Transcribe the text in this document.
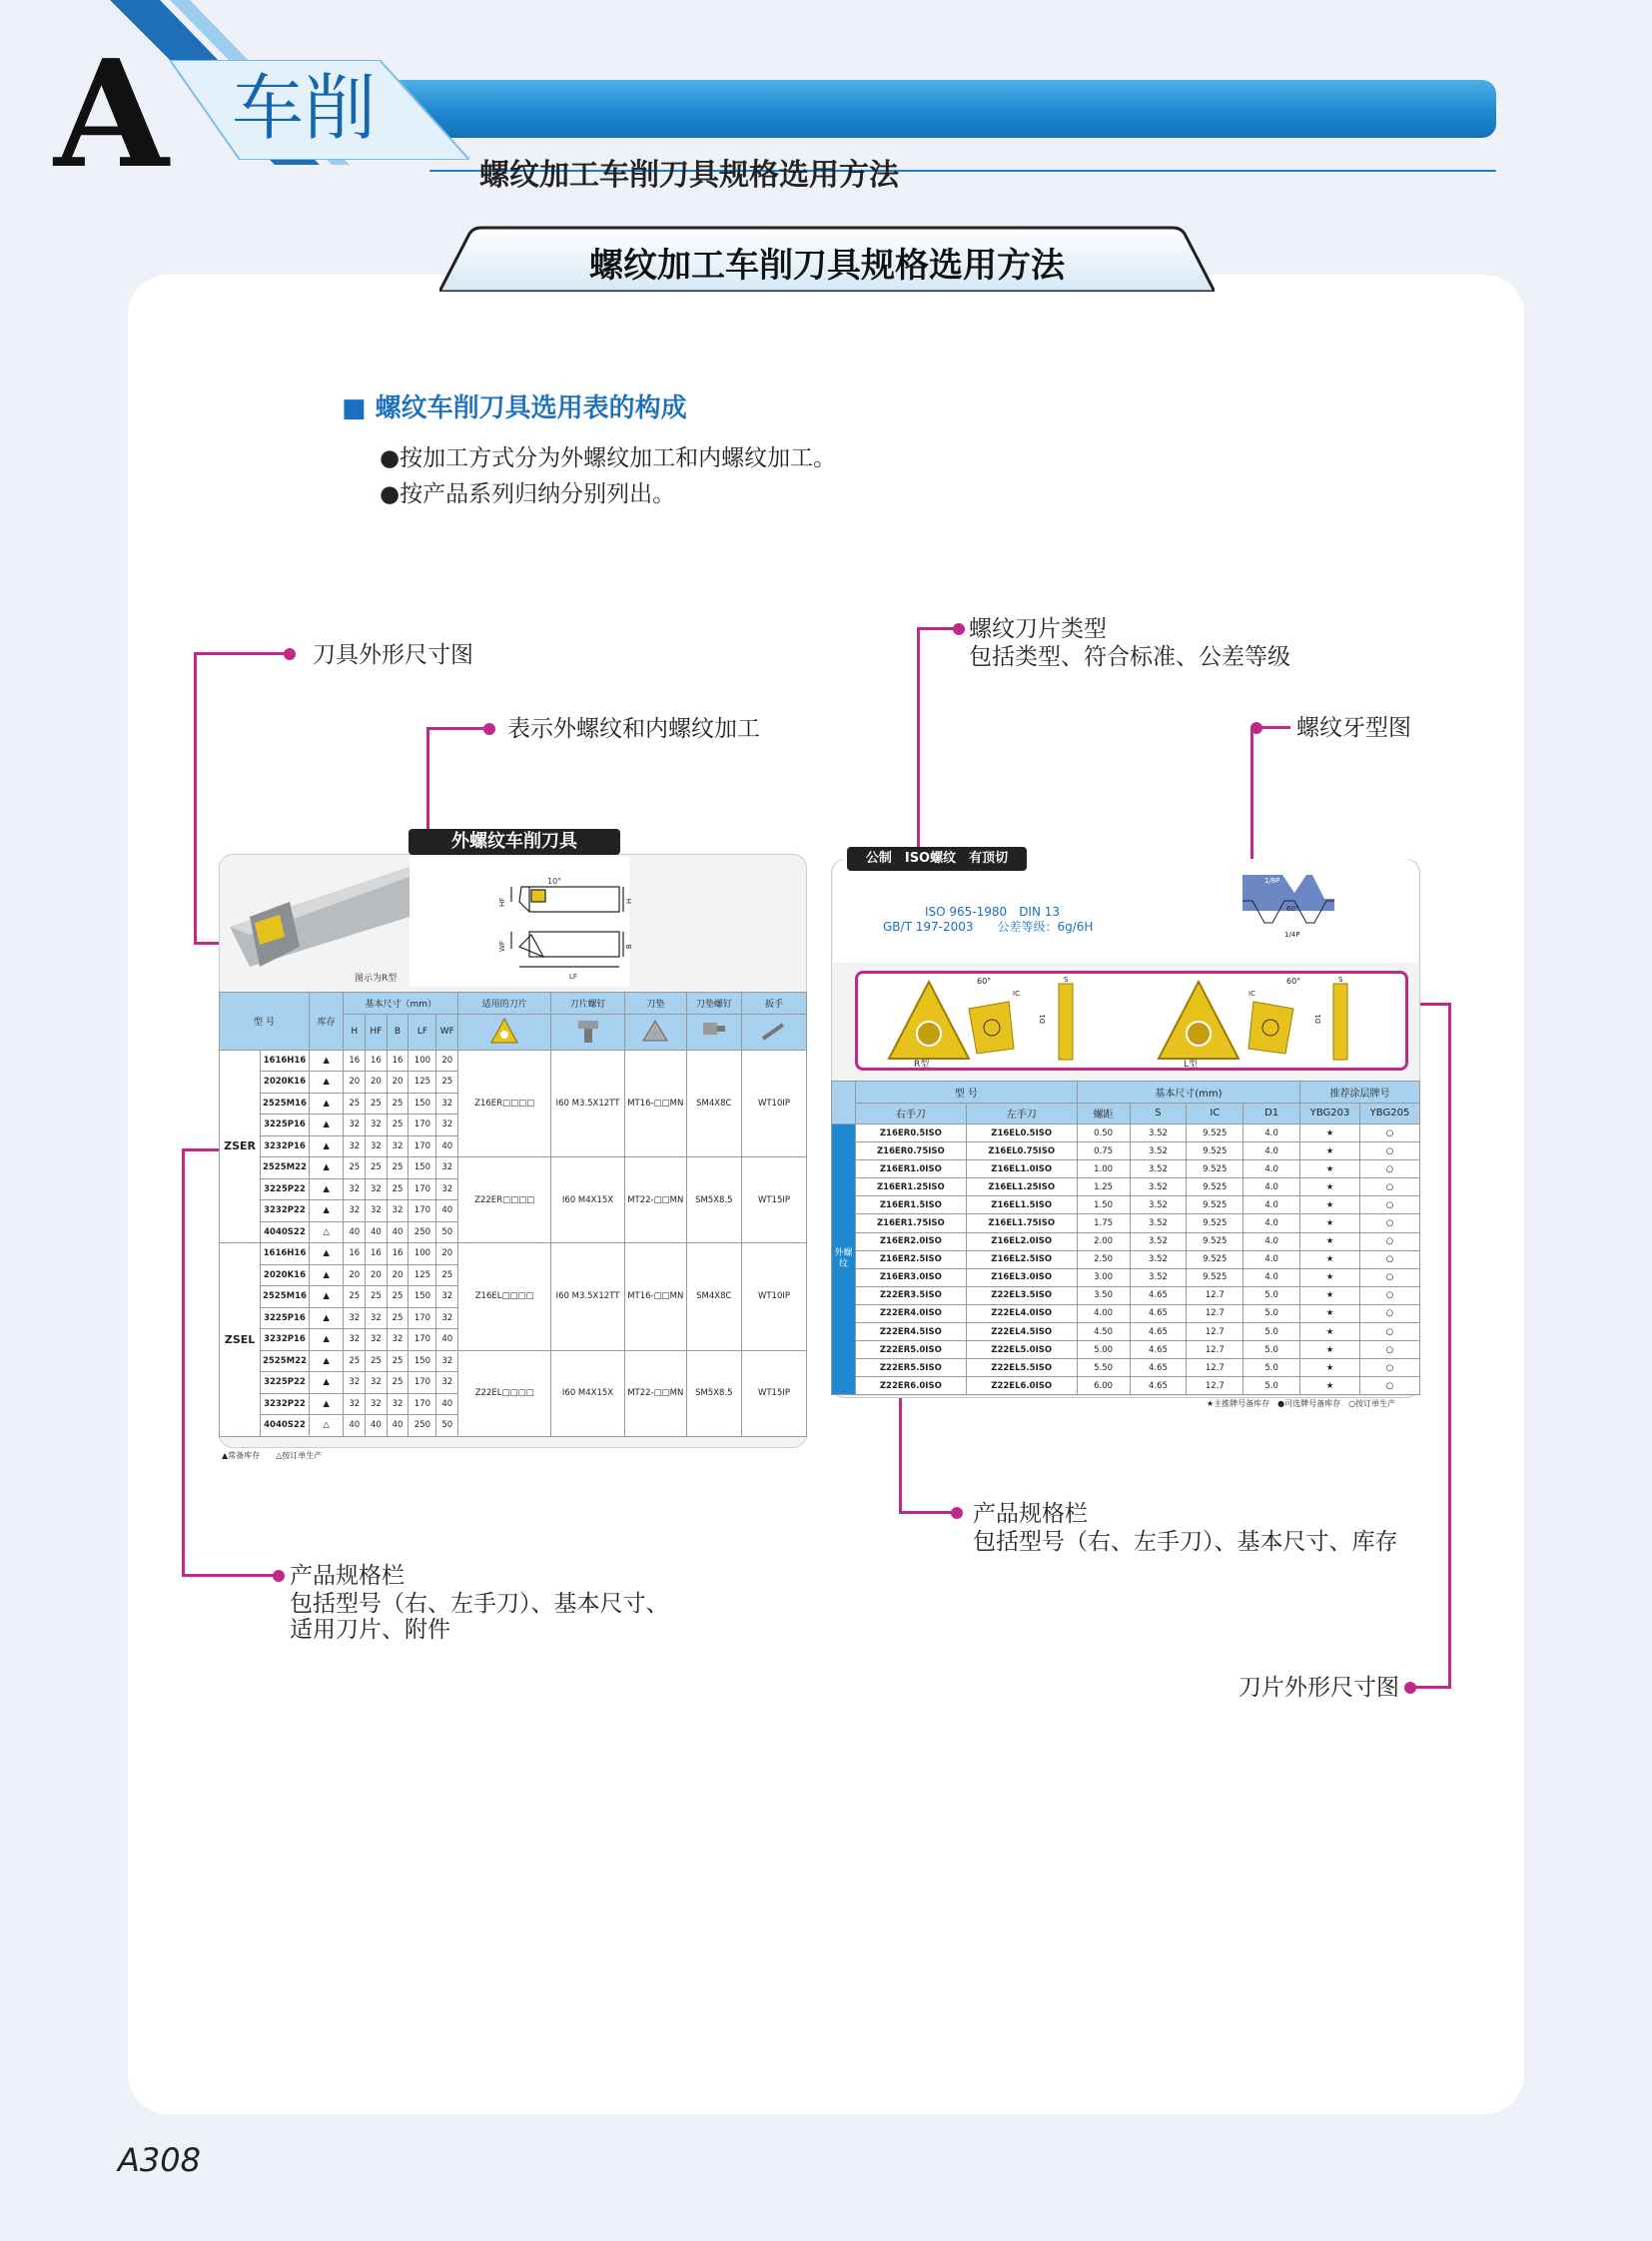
A 车削
螺纹加工车削刀具规格选用方法
螺纹加工车削刀具规格选用方法
■ 螺纹车削刀具选用表的构成
●按加工方式分为外螺纹加工和内螺纹加工。
●按产品系列归纳分别列出。
刀具外形尺寸图
表示外螺纹和内螺纹加工
螺纹刀片类型
包括类型、符合标准、公差等级
螺纹牙型图
产品规格栏
包括型号（右、左手刀）、基本尺寸、库存
产品规格栏
包括型号（右、左手刀）、基本尺寸、
适用刀片、附件
刀片外形尺寸图
外螺纹车削刀具
图示为R型
10°
HF	H
WF	B
LF
型 号		库存	基本尺寸（mm）					适用的刀片	刀片螺钉	刀垫	刀垫螺钉	扳手
			H	HF	B	LF	WF					
ZSER	1616H16	▲	16	16	16	100	20	Z16ER□□□□	I60 M3.5X12TT	MT16-□□MN	SM4X8C	WT10IP
	2020K16	▲	20	20	20	125	25					
	2525M16	▲	25	25	25	150	32					
	3225P16	▲	32	32	25	170	32					
	3232P16	▲	32	32	32	170	40					
	2525M22	▲	25	25	25	150	32	Z22ER□□□□	I60 M4X15X	MT22-□□MN	SM5X8.5	WT15IP
	3225P22	▲	32	32	25	170	32					
	3232P22	▲	32	32	32	170	40					
	4040S22	△	40	40	40	250	50					
ZSEL	1616H16	▲	16	16	16	100	20	Z16EL□□□□	I60 M3.5X12TT	MT16-□□MN	SM4X8C	WT10IP
	2020K16	▲	20	20	20	125	25					
	2525M16	▲	25	25	25	150	32					
	3225P16	▲	32	32	25	170	32					
	3232P16	▲	32	32	32	170	40					
	2525M22	▲	25	25	25	150	32	Z22EL□□□□	I60 M4X15X	MT22-□□MN	SM5X8.5	WT15IP
	3225P22	▲	32	32	25	170	32					
	3232P22	▲	32	32	32	170	40					
	4040S22	△	40	40	40	250	50					
▲常备库存　　△按订单生产
公制　ISO螺纹　有顶切
ISO 965-1980　DIN 13
GB/T 197-2003　　公差等级：6g/6H
1/8P
60°
1/4P
R型
60°
IC
S
D1
L型
60°
IC
S
D1
	型 号		基本尺寸(mm)				推荐涂层牌号	
	右手刀	左手刀	螺距	S	IC	D1	YBG203	YBG205
外螺纹	Z16ER0.5ISO	Z16EL0.5ISO	0.50	3.52	9.525	4.0	★	○
	Z16ER0.75ISO	Z16EL0.75ISO	0.75	3.52	9.525	4.0	★	○
	Z16ER1.0ISO	Z16EL1.0ISO	1.00	3.52	9.525	4.0	★	○
	Z16ER1.25ISO	Z16EL1.25ISO	1.25	3.52	9.525	4.0	★	○
	Z16ER1.5ISO	Z16EL1.5ISO	1.50	3.52	9.525	4.0	★	○
	Z16ER1.75ISO	Z16EL1.75ISO	1.75	3.52	9.525	4.0	★	○
	Z16ER2.0ISO	Z16EL2.0ISO	2.00	3.52	9.525	4.0	★	○
	Z16ER2.5ISO	Z16EL2.5ISO	2.50	3.52	9.525	4.0	★	○
	Z16ER3.0ISO	Z16EL3.0ISO	3.00	3.52	9.525	4.0	★	○
	Z22ER3.5ISO	Z22EL3.5ISO	3.50	4.65	12.7	5.0	★	○
	Z22ER4.0ISO	Z22EL4.0ISO	4.00	4.65	12.7	5.0	★	○
	Z22ER4.5ISO	Z22EL4.5ISO	4.50	4.65	12.7	5.0	★	○
	Z22ER5.0ISO	Z22EL5.0ISO	5.00	4.65	12.7	5.0	★	○
	Z22ER5.5ISO	Z22EL5.5ISO	5.50	4.65	12.7	5.0	★	○
	Z22ER6.0ISO	Z22EL6.0ISO	6.00	4.65	12.7	5.0	★	○
★主推牌号备库存　●可选牌号备库存　○按订单生产
A308
